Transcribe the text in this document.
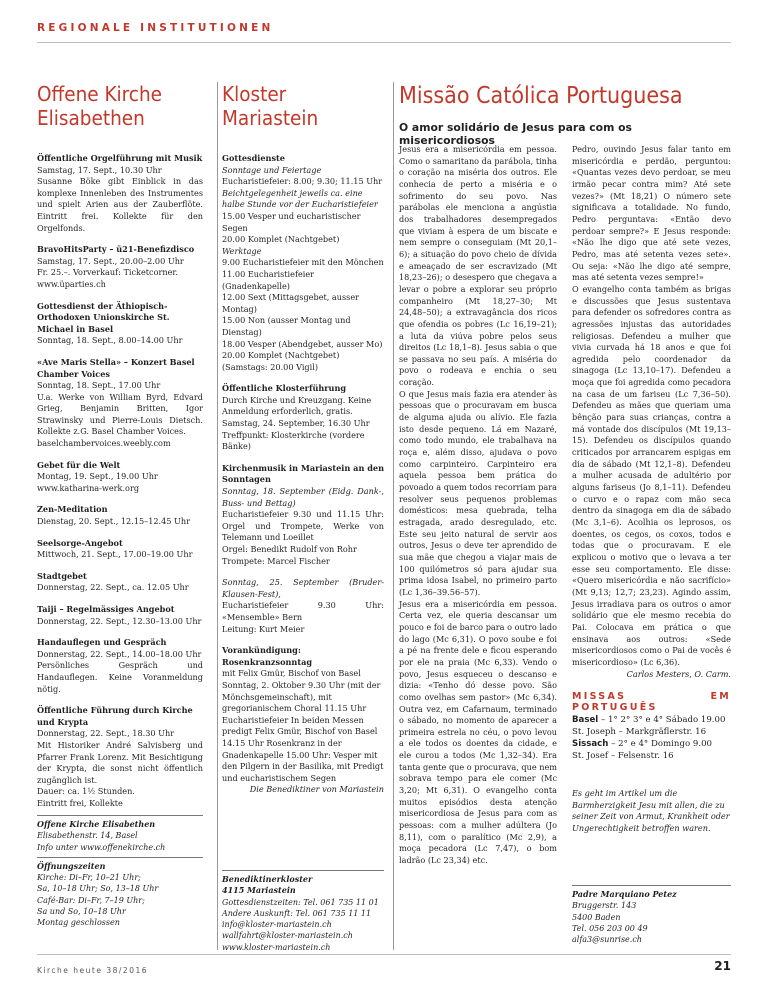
REGIONALE INSTITUTIONEN
Offene Kirche
Elisabethen

Öffentliche Orgelführung mit Musik

Samstag, 17. Sept., 10.30 Uhr

Susanne Böke gibt Einblick in das komplexe Innenleben des Instrumentes und spielt Arien aus der Zauberflöte. Eintritt frei. Kollekte für den Orgelfonds.

BravoHitsParty – ü21-Benefizdisco

Samstag, 17. Sept., 20.00–2.00 Uhr

Fr. 25.–. Vorverkauf: Ticketcorner.

www.üparties.ch

Gottesdienst der Äthiopisch-Orthodoxen Unionskirche St. Michael in Basel

Sonntag, 18. Sept., 8.00–14.00 Uhr

«Ave Maris Stella» – Konzert Basel Chamber Voices

Sonntag, 18. Sept., 17.00 Uhr

U.a. Werke von William Byrd, Edvard Grieg, Benjamin Britten, Igor Strawinsky und Pierre-Louis Dietsch. Kollekte z.G. Basel Chamber Voices.

baselchambervoices.weebly.com

Gebet für die Welt

Montag, 19. Sept., 19.00 Uhr

www.katharina-werk.org

Zen-Meditation

Dienstag, 20. Sept., 12.15–12.45 Uhr

Seelsorge-Angebot

Mittwoch, 21. Sept., 17.00–19.00 Uhr

Stadtgebet

Donnerstag, 22. Sept., ca. 12.05 Uhr

Taiji – Regelmässiges Angebot

Donnerstag, 22. Sept., 12.30–13.00 Uhr

Handauflegen und Gespräch

Donnerstag, 22. Sept., 14.00–18.00 Uhr

Persönliches Gespräch und Handauflegen. Keine Voranmeldung nötig.

Öffentliche Führung durch Kirche und Krypta

Donnerstag, 22. Sept., 18.30 Uhr

Mit Historiker André Salvisberg und Pfarrer Frank Lorenz. Mit Besichtigung der Krypta, die sonst nicht öffentlich zugänglich ist.

Dauer: ca. 1½ Stunden.

Eintritt frei, Kollekte

Offene Kirche Elisabethen

Elisabethenstr. 14, Basel

Info unter www.offenekirche.ch

Öffnungszeiten

Kirche: Di–Fr, 10–21 Uhr;

Sa, 10–18 Uhr; So, 13–18 Uhr

Café-Bar: Di–Fr, 7–19 Uhr;

Sa und So, 10–18 Uhr

Montag geschlossen

Kloster
Mariastein

Gottesdienste

Sonntage und Feiertage

Eucharistiefeier: 8.00; 9.30; 11.15 Uhr

Beichtgelegenheit jeweils ca. eine halbe Stunde vor der Eucharistiefeier

15.00 Vesper und eucharistischer Segen

20.00 Komplet (Nachtgebet)

Werktage

9.00 Eucharistiefeier mit den Mönchen

11.00 Eucharistiefeier (Gnadenkapelle)

12.00 Sext (Mittagsgebet, ausser Montag)

15.00 Non (ausser Montag und Dienstag)

18.00 Vesper (Abendgebet, ausser Mo)

20.00 Komplet (Nachtgebet)

(Samstags: 20.00 Vigil)

Öffentliche Klosterführung

Durch Kirche und Kreuzgang. Keine Anmeldung erforderlich, gratis. Samstag, 24. September, 16.30 Uhr Treffpunkt: Klosterkirche (vordere Bänke)

Kirchenmusik in Mariastein an den Sonntagen

Sonntag, 18. September (Eidg. Dank-, Buss- und Bettag)

Eucharistiefeier 9.30 und 11.15 Uhr: Orgel und Trompete, Werke von Telemann und Loeillet

Orgel: Benedikt Rudolf von Rohr

Trompete: Marcel Fischer

Sonntag, 25. September (Bruder-Klausen-Fest),

Eucharistiefeier 9.30 Uhr: «Mensemble» Bern

Leitung: Kurt Meier

Vorankündigung: Rosenkranzsonntag

mit Felix Gmür, Bischof von Basel Sonntag, 2. Oktober 9.30 Uhr (mit der Mönchsgemeinschaft), mit gregorianischem Choral 11.15 Uhr Eucharistiefeier In beiden Messen predigt Felix Gmür, Bischof von Basel 14.15 Uhr Rosenkranz in der Gnadenkapelle 15.00 Uhr: Vesper mit den Pilgern in der Basilika, mit Predigt und eucharistischem Segen

Die Benediktiner von Mariastein

Benediktinerkloster

4115 Mariastein

Gottesdienstzeiten: Tel. 061 735 11 01

Andere Auskunft: Tel. 061 735 11 11

info@kloster-mariastein.ch

wallfahrt@kloster-mariastein.ch

www.kloster-mariastein.ch

Missão Católica Portuguesa
O amor solidário de Jesus para com os misericordiosos

Jesus era a misericórdia em pessoa. Como o samaritano da parábola, tinha o coração na miséria dos outros. Ele conhecia de perto a miséria e o sofrimento do seu povo. Nas parábolas ele menciona a angústia dos trabalhadores desempregados que viviam à espera de um biscate e nem sempre o conseguiam (Mt 20,1–6); a situação do povo cheio de dívida e ameaçado de ser escravizado (Mt 18,23–26); o desespero que chegava a levar o pobre a explorar seu próprio companheiro (Mt 18,27–30; Mt 24,48–50); a extravagância dos ricos que ofendia os pobres (Lc 16,19–21); a luta da viúva pobre pelos seus direitos (Lc 18,1–8). Jesus sabia o que se passava no seu país. A miséria do povo o rodeava e enchia o seu coração.

O que Jesus mais fazia era atender às pessoas que o procuravam em busca de alguma ajuda ou alívio. Ele fazia isto desde pequeno. Lá em Nazaré, como todo mundo, ele trabalhava na roça e, além disso, ajudava o povo como carpinteiro. Carpinteiro era aquela pessoa bem prática do povoado a quem todos recorriam para resolver seus pequenos problemas domésticos: mesa quebrada, telha estragada, arado desregulado, etc. Este seu jeito natural de servir aos outros, Jesus o deve ter aprendido de sua mãe que chegou a viajar mais de 100 quilómetros só para ajudar sua prima idosa Isabel, no primeiro parto (Lc 1,36–39.56–57).

Jesus era a misericórdia em pessoa. Certa vez, ele queria descansar um pouco e foi de barco para o outro lado do lago (Mc 6,31). O povo soube e foi a pé na frente dele e ficou esperando por ele na praia (Mc 6,33). Vendo o povo, Jesus esqueceu o descanso e dizia: «Tenho dó desse povo. São como ovelhas sem pastor» (Mc 6,34). Outra vez, em Cafarnaum, terminado o sábado, no momento de aparecer a primeira estrela no céu, o povo levou a ele todos os doentes da cidade, e ele curou a todos (Mc 1,32–34). Era tanta gente que o procurava, que nem sobrava tempo para ele comer (Mc 3,20; Mt 6,31). O evangelho conta muitos episódios desta atenção misericordiosa de Jesus para com as pessoas: com a mulher adúltera (Jo 8,11), com o paralítico (Mc 2,9), a moça pecadora (Lc 7,47), o bom ladrão (Lc 23,34) etc.

Pedro, ouvindo Jesus falar tanto em misericórdia e perdão, perguntou: «Quantas vezes devo perdoar, se meu irmão pecar contra mim? Até sete vezes?» (Mt 18,21) O número sete significava a totalidade. No fundo, Pedro perguntava: «Então devo perdoar sempre?» E Jesus responde: «Não lhe digo que até sete vezes, Pedro, mas até setenta vezes sete». Ou seja: «Não lhe digo até sempre, mas até setenta vezes sempre!»

O evangelho conta também as brigas e discussões que Jesus sustentava para defender os sofredores contra as agressões injustas das autoridades religiosas. Defendeu a mulher que vivia curvada há 18 anos e que foi agredida pelo coordenador da sinagoga (Lc 13,10–17). Defendeu a moça que foi agredida como pecadora na casa de um fariseu (Lc 7,36–50). Defendeu as mães que queriam uma bênção para suas crianças, contra a má vontade dos discípulos (Mt 19,13–15). Defendeu os discípulos quando criticados por arrancarem espigas em dia de sábado (Mt 12,1–8). Defendeu a mulher acusada de adultério por alguns fariseus (Jo 8,1–11). Defendeu o curvo e o rapaz com mão seca dentro da sinagoga em dia de sábado (Mc 3,1–6). Acolhia os leprosos, os doentes, os cegos, os coxos, todos e todas que o procuravam. E ele explicou o motivo que o levava a ter esse seu comportamento. Ele disse: «Quero misericórdia e não sacrifício» (Mt 9,13; 12,7; 23,23). Agindo assim, Jesus irradiava para os outros o amor solidário que ele mesmo recebia do Pai. Colocava em prática o que ensinava aos outros: «Sede misericordiosos como o Pai de vocês é misericordioso» (Lc 6,36).
Carlos Mesters, O. Carm.

MISSAS EM PORTUGUÊS

Basel – 1° 2° 3° e 4° Sábado 19.00

St. Joseph – Markgräflerstr. 16

Sissach – 2° e 4° Domingo 9.00

St. Josef – Felsenstr. 16

Es geht im Artikel um die Barmherzigkeit Jesu mit allen, die zu seiner Zeit von Armut, Krankheit oder Ungerechtigkeit betroffen waren.

Padre Marquiano Petez

Bruggerstr. 143

5400 Baden

Tel. 056 203 00 49

alfa3@sunrise.ch

Kirche heute 38/2016	21
